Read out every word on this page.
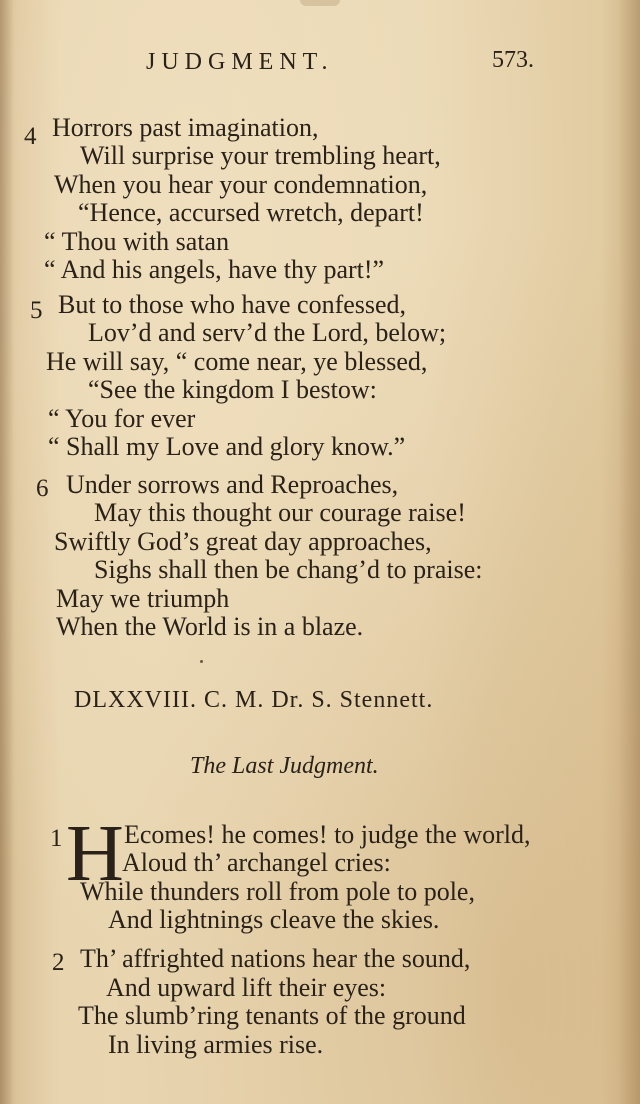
JUDGMENT.	573.
4 Horrors past imagination,
Will surprise your trembling heart,
When you hear your condemnation,
“Hence, accursed wretch, depart!
“ Thou with satan
“ And his angels, have thy part!”
5 But to those who have confessed,
Lov’d and serv’d the Lord, below;
He will say, “ come near, ye blessed,
“See the kingdom I bestow:
“ You for ever
“ Shall my Love and glory know.”
6 Under sorrows and Reproaches,
May this thought our courage raise!
Swiftly God’s great day approaches,
Sighs shall then be chang’d to praise:
May we triumph
When the World is in a blaze.
DLXXVIII. C. M. Dr. S. Stennett.
The Last Judgment.
1 H Ecomes! he comes! to judge the world,
Aloud th’ archangel cries:
While thunders roll from pole to pole,
And lightnings cleave the skies.
2 Th’ affrighted nations hear the sound,
And upward lift their eyes:
The slumb’ring tenants of the ground
In living armies rise.
